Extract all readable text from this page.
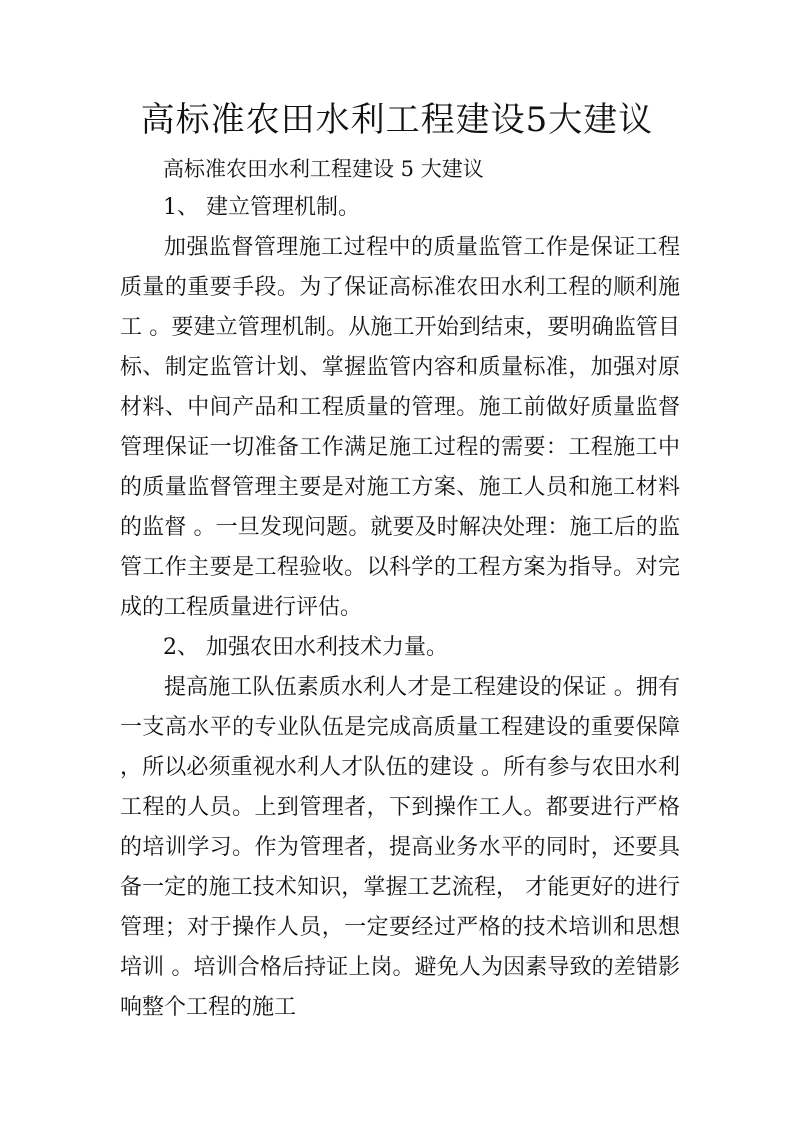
高标准农田水利工程建设5大建议

高标准农田水利工程建设 5 大建议

1、 建立管理机制。

加强监督管理施工过程中的质量监管工作是保证工程质量的重要手段。为了保证高标准农田水利工程的顺利施工 。要建立管理机制。从施工开始到结束，要明确监管目标、制定监管计划、掌握监管内容和质量标准，加强对原材料、中间产品和工程质量的管理。施工前做好质量监督管理保证一切准备工作满足施工过程的需要：工程施工中的质量监督管理主要是对施工方案、施工人员和施工材料的监督 。一旦发现问题。就要及时解决处理：施工后的监管工作主要是工程验收。以科学的工程方案为指导。对完成的工程质量进行评估。

2、 加强农田水利技术力量。

提高施工队伍素质水利人才是工程建设的保证 。拥有一支高水平的专业队伍是完成高质量工程建设的重要保障 ，所以必须重视水利人才队伍的建设 。所有参与农田水利工程的人员。上到管理者，下到操作工人。都要进行严格的培训学习。作为管理者，提高业务水平的同时，还要具备一定的施工技术知识，掌握工艺流程， 才能更好的进行管理；对于操作人员，一定要经过严格的技术培训和思想培训 。培训合格后持证上岗。避免人为因素导致的差错影响整个工程的施工
